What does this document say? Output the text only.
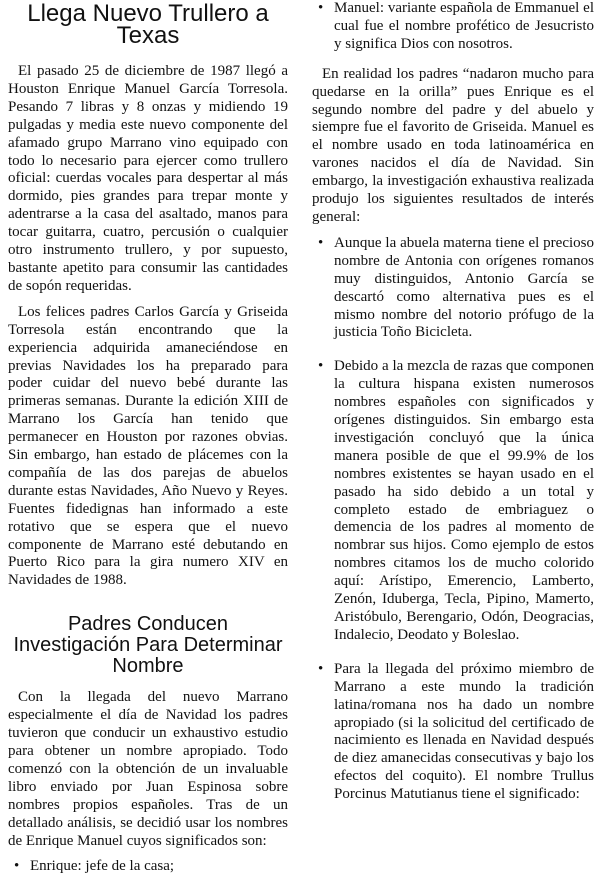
Llega Nuevo Trullero a Texas

El pasado 25 de diciembre de 1987 llegó a Houston Enrique Manuel García Torresola. Pesando 7 libras y 8 onzas y midiendo 19 pulgadas y media este nuevo componente del afamado grupo Marrano vino equipado con todo lo necesario para ejercer como trullero oficial: cuerdas vocales para despertar al más dormido, pies grandes para trepar monte y adentrarse a la casa del asaltado, manos para tocar guitarra, cuatro, percusión o cualquier otro instrumento trullero, y por supuesto, bastante apetito para consumir las cantidades de sopón requeridas.

Los felices padres Carlos García y Griseida Torresola están encontrando que la experiencia adquirida amaneciéndose en previas Navidades los ha preparado para poder cuidar del nuevo bebé durante las primeras semanas. Durante la edición XIII de Marrano los García han tenido que permanecer en Houston por razones obvias. Sin embargo, han estado de plácemes con la compañía de las dos parejas de abuelos durante estas Navidades, Año Nuevo y Reyes. Fuentes fidedignas han informado a este rotativo que se espera que el nuevo componente de Marrano esté debutando en Puerto Rico para la gira numero XIV en Navidades de 1988.

Padres Conducen Investigación Para Determinar Nombre

Con la llegada del nuevo Marrano especialmente el día de Navidad los padres tuvieron que conducir un exhaustivo estudio para obtener un nombre apropiado. Todo comenzó con la obtención de un invaluable libro enviado por Juan Espinosa sobre nombres propios españoles. Tras de un detallado análisis, se decidió usar los nombres de Enrique Manuel cuyos significados son:

• Enrique: jefe de la casa;
• Manuel: variante española de Emmanuel el cual fue el nombre profético de Jesucristo y significa Dios con nosotros.

En realidad los padres “nadaron mucho para quedarse en la orilla” pues Enrique es el segundo nombre del padre y del abuelo y siempre fue el favorito de Griseida. Manuel es el nombre usado en toda latinoamérica en varones nacidos el día de Navidad. Sin embargo, la investigación exhaustiva realizada produjo los siguientes resultados de interés general:

• Aunque la abuela materna tiene el precioso nombre de Antonia con orígenes romanos muy distinguidos, Antonio García se descartó como alternativa pues es el mismo nombre del notorio prófugo de la justicia Toño Bicicleta.
• Debido a la mezcla de razas que componen la cultura hispana existen numerosos nombres españoles con significados y orígenes distinguidos. Sin embargo esta investigación concluyó que la única manera posible de que el 99.9% de los nombres existentes se hayan usado en el pasado ha sido debido a un total y completo estado de embriaguez o demencia de los padres al momento de nombrar sus hijos. Como ejemplo de estos nombres citamos los de mucho colorido aquí: Arístipo, Emerencio, Lamberto, Zenón, Iduberga, Tecla, Pipino, Mamerto, Aristóbulo, Berengario, Odón, Deogracias, Indalecio, Deodato y Boleslao.
• Para la llegada del próximo miembro de Marrano a este mundo la tradición latina/romana nos ha dado un nombre apropiado (si la solicitud del certificado de nacimiento es llenada en Navidad después de diez amanecidas consecutivas y bajo los efectos del coquito). El nombre Trullus Porcinus Matutianus tiene el significado:
